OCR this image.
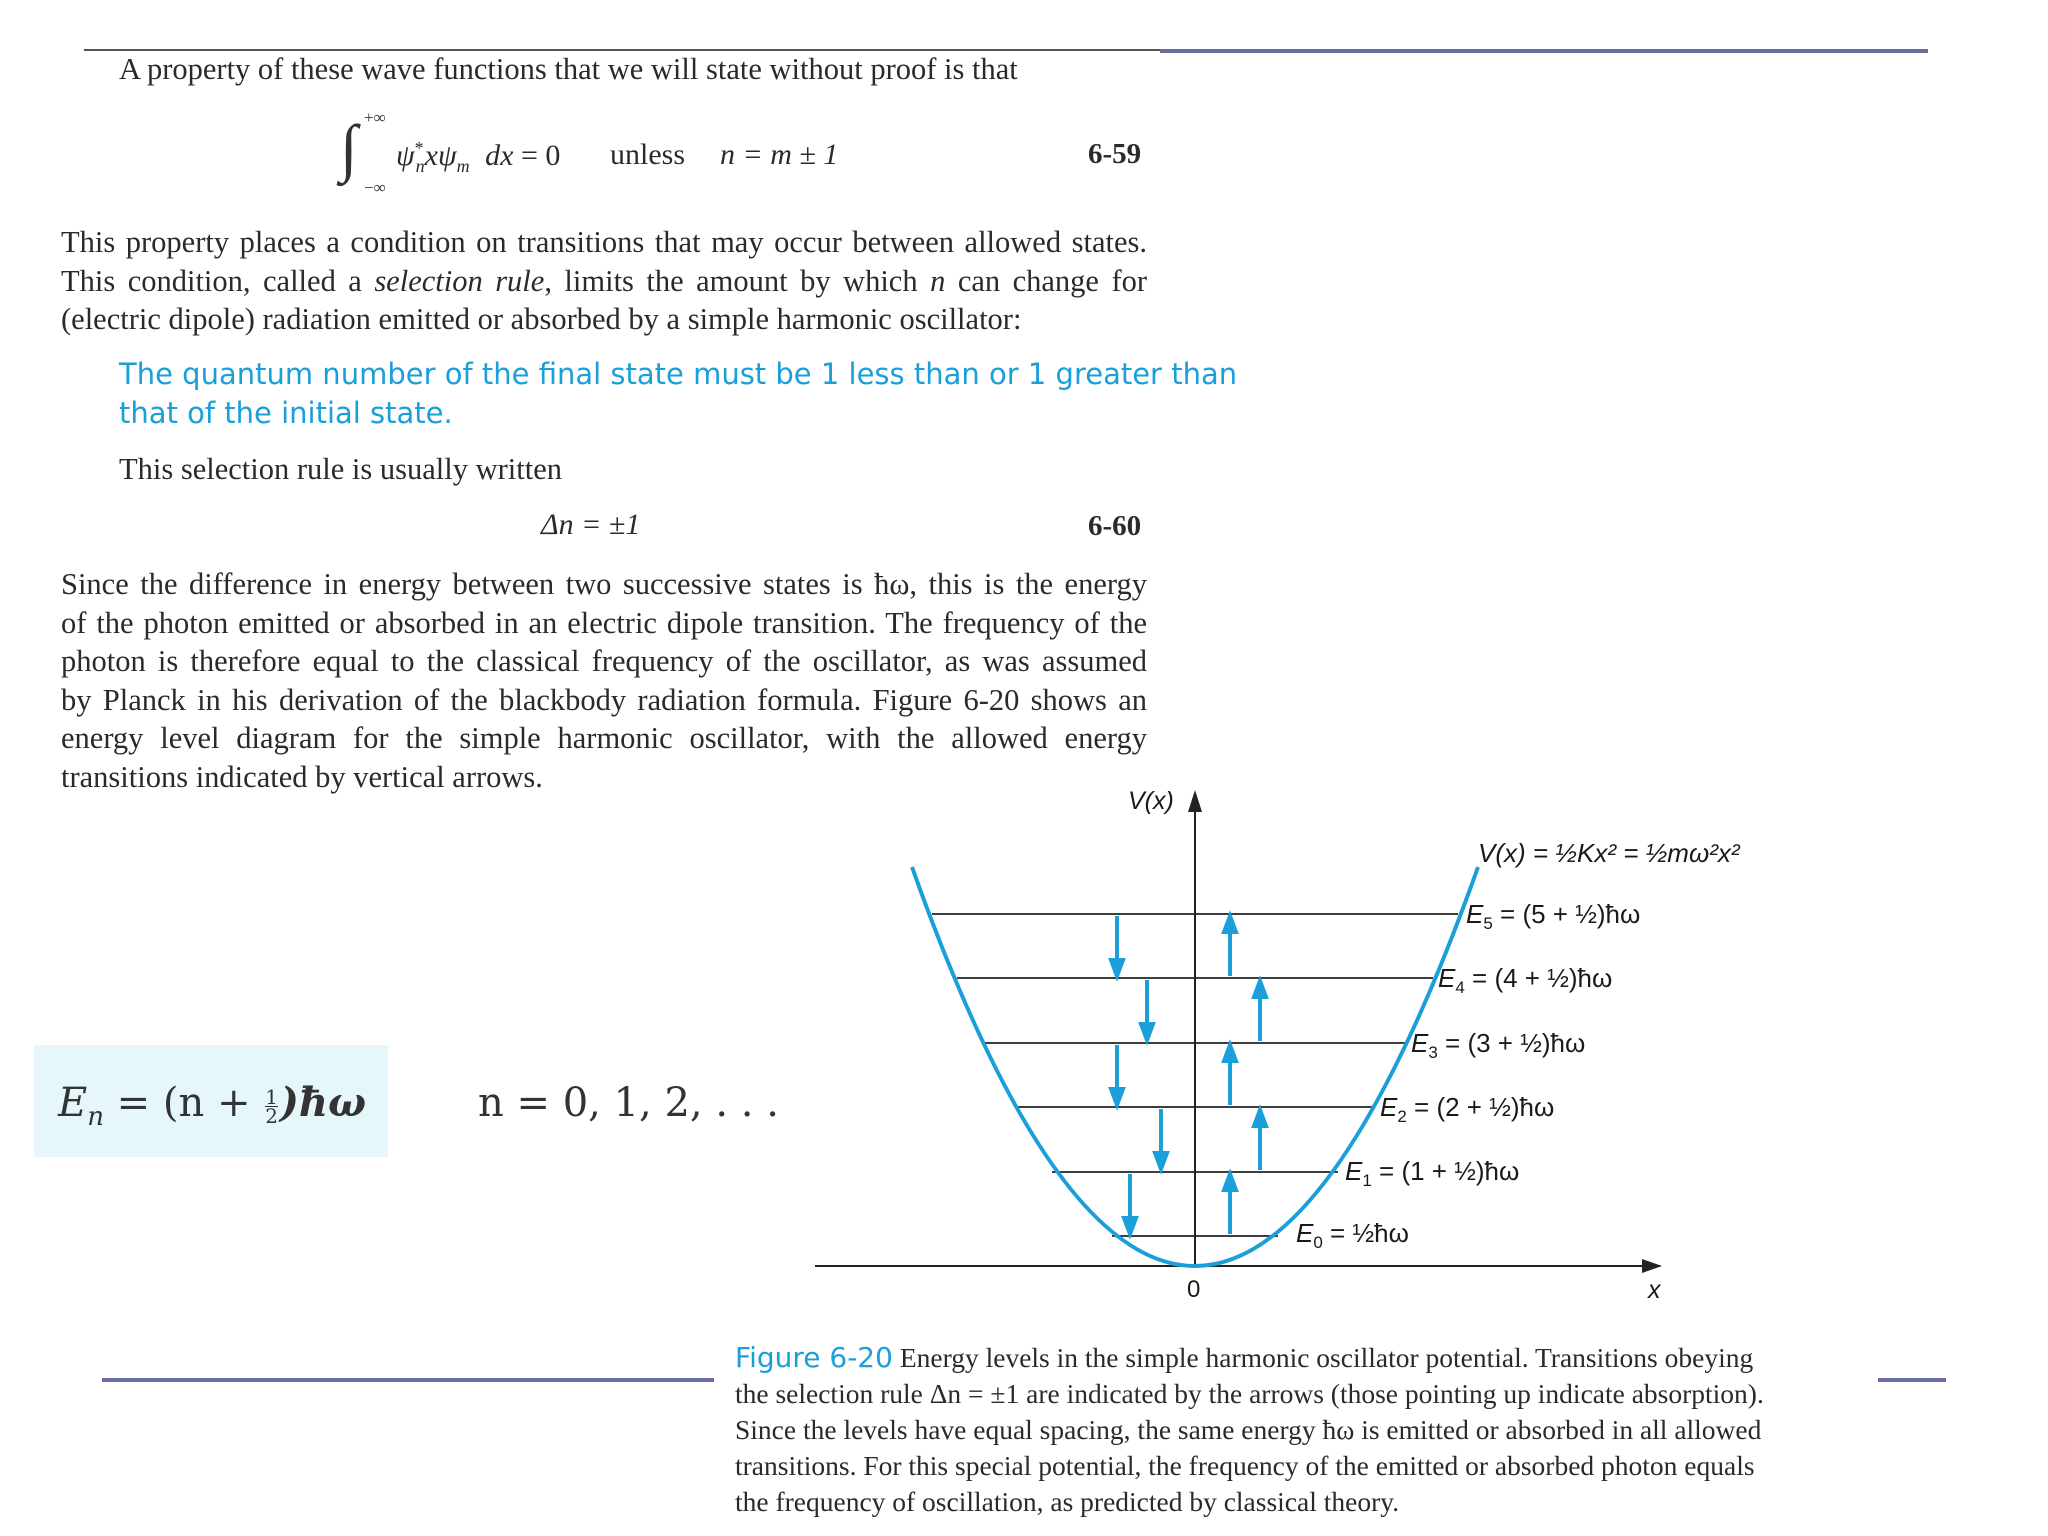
A property of these wave functions that we will state without proof is that
∫ +∞
−∞
$\psi^*_nx\psi_m$ dx = 0 unless n = m ± 1	6-59
This property places a condition on transitions that may occur between allowed states.
This condition, called a selection rule, limits the amount by which n can change for
(electric dipole) radiation emitted or absorbed by a simple harmonic oscillator:
The quantum number of the final state must be 1 less than or 1 greater than
that of the initial state.
This selection rule is usually written
Δn = ±1	6-60
Since the difference in energy between two successive states is ħω, this is the energy
of the photon emitted or absorbed in an electric dipole transition. The frequency of the
photon is therefore equal to the classical frequency of the oscillator, as was assumed
by Planck in his derivation of the blackbody radiation formula. Figure 6-20 shows an
energy level diagram for the simple harmonic oscillator, with the allowed energy
transitions indicated by vertical arrows.
$E_n = (n + \frac{1}{2}$ )ħω	n = 0, 1, 2, . . .
V(x)
0	x
V(x) = ½Kx² = ½mω²x²
$E_5 = (5$ + ½)ħω
$E_4 = (4$ + ½)ħω
$E_3 = (3$ + ½)ħω
$E_2 = (2$ + ½)ħω
$E_1 = (1$ + ½)ħω
$E_0$ = ½ħω
Figure 6-20 Energy levels in the simple harmonic oscillator potential. Transitions obeying
the selection rule Δn = ±1 are indicated by the arrows (those pointing up indicate absorption).
Since the levels have equal spacing, the same energy ħω is emitted or absorbed in all allowed
transitions. For this special potential, the frequency of the emitted or absorbed photon equals
the frequency of oscillation, as predicted by classical theory.
